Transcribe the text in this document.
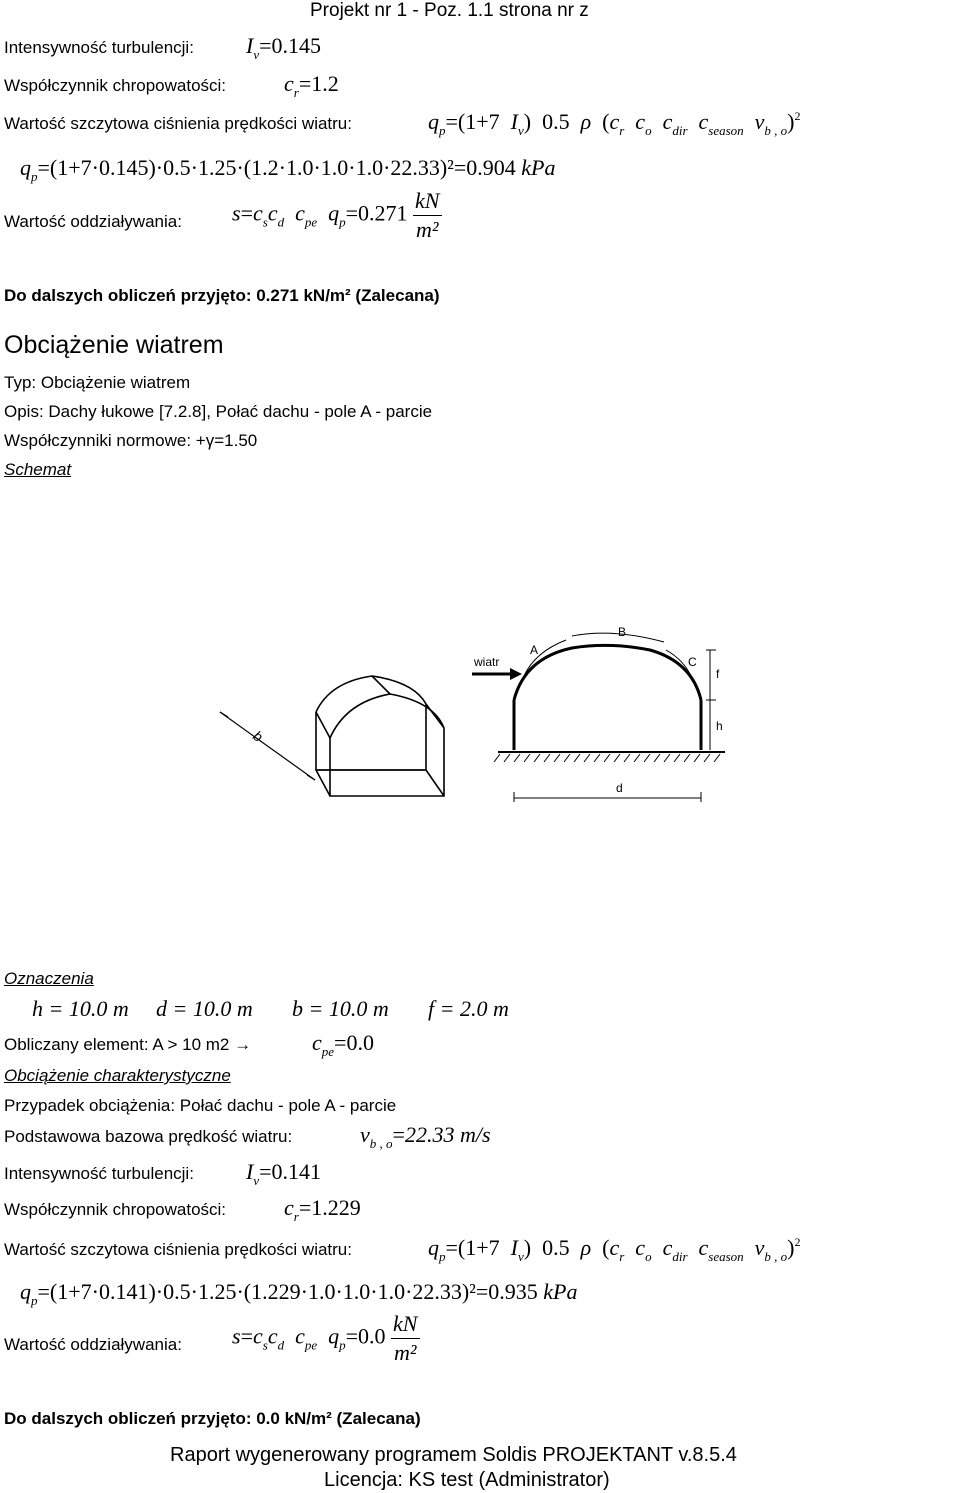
Projekt nr 1 - Poz. 1.1 strona nr z
Intensywność turbulencji: $I_v=0.145$
Współczynnik chropowatości:	$c_r=1.2$
Wartość szczytowa ciśnienia prędkości wiatru:	$q_p=(1+7$  $I_v$)  0.5  ρ  ($c_r$ $c_o$ $c_{dir}$ $c_{season}$ $v_{b , o})^2$
$q_p=(1+7\cdot 0.145)\cdot 0.5\cdot 1.25\cdot(1.2\cdot 1.0\cdot 1.0\cdot 1.0\cdot 22.33)^2=0.904$ kPa
Wartość oddziaływania: $s=c_sc_d$ $c_{pe}$ $q_p=0.271 \frac{kN}{\text{m²}}$
Do dalszych obliczeń przyjęto: 0.271 kN/m² (Zalecana)
Obciążenie wiatrem
Typ: Obciążenie wiatrem
Opis: Dachy łukowe [7.2.8], Połać dachu - pole A - parcie
Współczynniki normowe: +γ=1.50
Schemat
b
d
f
h
wiatr
A
B
C
Oznaczenia
h = 10.0 m d = 10.0 m b = 10.0 m f = 2.0 m
Obliczany element: A > 10 m2 →	$c_{pe}=0.0$
Obciążenie charakterystyczne
Przypadek obciążenia: Połać dachu - pole A - parcie
Podstawowa bazowa prędkość wiatru:	$v_{b , o}=22.33$ m/s
Intensywność turbulencji: $I_v=0.141$
Współczynnik chropowatości:	$c_r=1.229$
Wartość szczytowa ciśnienia prędkości wiatru:	$q_p=(1+7$  $I_v$)  0.5  ρ  ($c_r$ $c_o$ $c_{dir}$ $c_{season}$ $v_{b , o})^2$
$q_p=(1+7\cdot 0.141)\cdot 0.5\cdot 1.25\cdot(1.229\cdot 1.0\cdot 1.0\cdot 1.0\cdot 22.33)^2=0.935$ kPa
Wartość oddziaływania: $s=c_sc_d$ $c_{pe}$ $q_p=0.0 \frac{kN}{\text{m²}}$
Do dalszych obliczeń przyjęto: 0.0 kN/m² (Zalecana)
Raport wygenerowany programem Soldis PROJEKTANT v.8.5.4
Licencja: KS test (Administrator)
